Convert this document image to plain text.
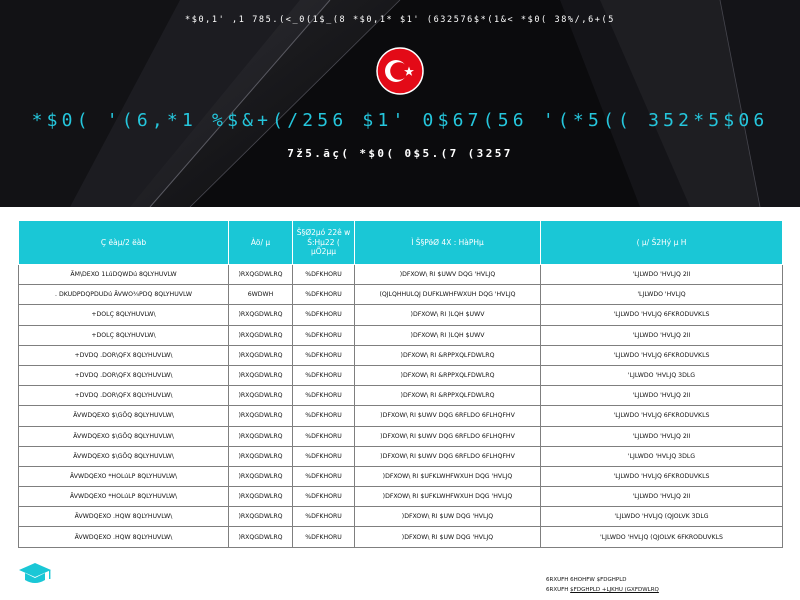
*$0,1' ,1 785.(<_0(1$_(8 *$0,1* $1' (632576$*(1&< *$0( 38%/,6+(5
*$0( '(6,*1 %$&+(/256 $1' 0$67(56 '(*5(( 352*5$06
7ž5.ãç( *$0( 0$5.(7 (3257
Ç ëàµ/2 ëàb	Àö/ µ	Š§Ø2µó 22ê w Š:Hµ22 ( µÕ2µµ	Ì Š§Pö̵Ø 4X : HàPHµ	( µ/ Š2Hý µ H
ÃM\DEXO 1LúDQWDú 8QLYHUVLW	)RXQGDWLRQ	%DFKHORU	)DFXOW\ RI $UWV DQG 'HVLJQ	'LJLWDO 'HVLJQ 2II
. DKUDPDQPDUDú ÃVWO¾PDQ 8QLYHUVLW	6WDWH	%DFKHORU	(QJLQHHULQJ DUFKLWHFWXUH DQG 'HVLJQ	'LJLWDO 'HVLJQ
+DOLÇ 8QLYHUVLW\	)RXQGDWLRQ	%DFKHORU	)DFXOW\ RI )LQH $UWV	'LJLWDO 'HVLJQ 6FKRODUVKLS
+DOLÇ 8QLYHUVLW\	)RXQGDWLRQ	%DFKHORU	)DFXOW\ RI )LQH $UWV	'LJLWDO 'HVLJQ 2II
+DVDQ .DOR\QFX 8QLYHUVLW\	)RXQGDWLRQ	%DFKHORU	)DFXOW\ RI &RPPXQLFDWLRQ	'LJLWDO 'HVLJQ 6FKRODUVKLS
+DVDQ .DOR\QFX 8QLYHUVLW\	)RXQGDWLRQ	%DFKHORU	)DFXOW\ RI &RPPXQLFDWLRQ	'LJLWDO 'HVLJQ 3DLG
+DVDQ .DOR\QFX 8QLYHUVLW\	)RXQGDWLRQ	%DFKHORU	)DFXOW\ RI &RPPXQLFDWLRQ	'LJLWDO 'HVLJQ 2II
ÃVWDQEXO $\GÕQ 8QLYHUVLW\	)RXQGDWLRQ	%DFKHORU	)DFXOW\ RI $UWV DQG 6RFLDO 6FLHQFHV	'LJLWDO 'HVLJQ 6FKRODUVKLS
ÃVWDQEXO $\GÕQ 8QLYHUVLW\	)RXQGDWLRQ	%DFKHORU	)DFXOW\ RI $UWV DQG 6RFLDO 6FLHQFHV	'LJLWDO 'HVLJQ 2II
ÃVWDQEXO $\GÕQ 8QLYHUVLW\	)RXQGDWLRQ	%DFKHORU	)DFXOW\ RI $UWV DQG 6RFLDO 6FLHQFHV	'LJLWDO 'HVLJQ 3DLG
ÃVWDQEXO *HOLúLP 8QLYHUVLW\	)RXQGDWLRQ	%DFKHORU	)DFXOW\ RI $UFKLWHFWXUH DQG 'HVLJQ	'LJLWDO 'HVLJQ 6FKRODUVKLS
ÃVWDQEXO *HOLúLP 8QLYHUVLW\	)RXQGDWLRQ	%DFKHORU	)DFXOW\ RI $UFKLWHFWXUH DQG 'HVLJQ	'LJLWDO 'HVLJQ 2II
ÃVWDQEXO .HQW 8QLYHUVLW\	)RXQGDWLRQ	%DFKHORU	)DFXOW\ RI $UW DQG 'HVLJQ	'LJLWDO 'HVLJQ (QJOLVK 3DLG
ÃVWDQEXO .HQW 8QLYHUVLW\	)RXQGDWLRQ	%DFKHORU	)DFXOW\ RI $UW DQG 'HVLJQ	'LJLWDO 'HVLJQ (QJOLVK 6FKRODUVKLS
6RXUFH 6HOHFW $FDGHPLD
6RXUFH $FDGHPLD +LJKHU (GXFDWLRQ
